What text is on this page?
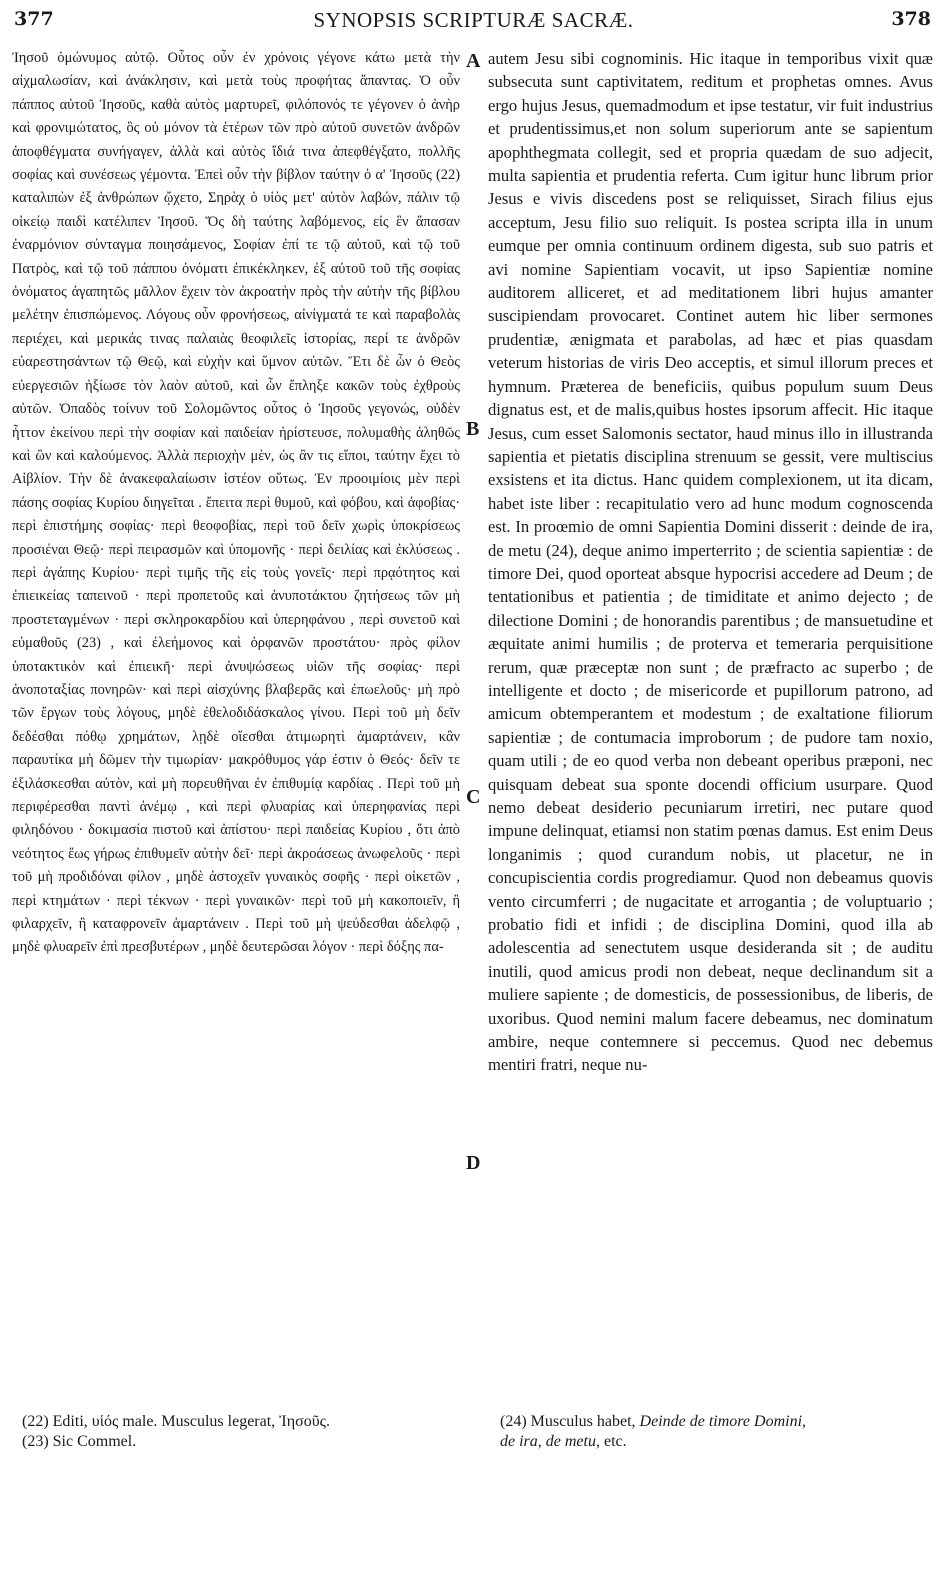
377	SYNOPSIS SCRIPTURÆ SACRÆ.	378

Ἰησοῦ ὁμώνυμος αὐτῷ. Οὗτος οὖν ἐν χρόνοις γέγονε κάτω μετὰ τὴν αἰχμαλωσίαν, καὶ ἀνάκλησιν, καὶ μετὰ τοὺς προφήτας ἅπαντας. Ὁ οὖν πάππος αὐτοῦ Ἰησοῦς, καθὰ αὐτὸς μαρτυρεῖ, φιλόπονός τε γέγονεν ὁ ἀνὴρ καὶ φρονιμώτατος, ὃς οὐ μόνον τὰ ἑτέρων τῶν πρὸ αὐτοῦ συνετῶν ἀνδρῶν ἀποφθέγματα συνήγαγεν, ἀλλὰ καὶ αὐτὸς ἴδιά τινα ἀπεφθέγξατο, πολλῆς σοφίας καὶ συνέσεως γέμοντα. Ἐπεὶ οὖν τὴν βίβλον ταύτην ὁ α' Ἰησοῦς (22) καταλιπὼν ἐξ ἀνθρώπων ᾤχετο, Σηρὰχ ὁ υἱὸς μετ' αὐτὸν λαβών, πάλιν τῷ οἰκείῳ παιδὶ κατέλιπεν Ἰησοῦ. Ὅς δὴ ταύτης λαβόμενος, εἰς ἓν ἅπασαν ἐναρμόνιον σύνταγμα ποιησάμενος, Σοφίαν ἐπί τε τῷ αὐτοῦ, καὶ τῷ τοῦ Πατρὸς, καὶ τῷ τοῦ πάππου ὀνόματι ἐπικέκληκεν, ἐξ αὐτοῦ τοῦ τῆς σοφίας ὀνόματος ἀγαπητῶς μᾶλλον ἔχειν τὸν ἀκροατὴν πρὸς τὴν αὐτὴν τῆς βίβλου μελέτην ἐπισπώμενος. Λόγους οὖν φρονήσεως, αἰνίγματά τε καὶ παραβολὰς περιέχει, καὶ μερικάς τινας παλαιὰς θεοφιλεῖς ἱστορίας, περί τε ἀνδρῶν εὐαρεστησάντων τῷ Θεῷ, καὶ εὐχὴν καὶ ὕμνον αὐτῶν. Ἔτι δὲ ὧν ὁ Θεὸς εὐεργεσιῶν ἠξίωσε τὸν λαὸν αὐτοῦ, καὶ ὧν ἔπληξε κακῶν τοὺς ἐχθροὺς αὐτῶν. Ὀπαδὸς τοίνυν τοῦ Σολομῶντος οὗτος ὁ Ἰησοῦς γεγονώς, οὐδὲν ἧττον ἐκείνου περὶ τὴν σοφίαν καὶ παιδείαν ἠρίστευσε, πολυμαθὴς ἀληθῶς καὶ ὢν καὶ καλούμενος. Ἀλλὰ περιοχὴν μὲν, ὡς ἂν τις εἴποι, ταύτην ἔχει τὸ Αἰβλίον. Τὴν δὲ ἀνακεφαλαίωσιν ἰστέον οὕτως. Ἐν προοιμίοις μὲν περὶ πάσης σοφίας Κυρίου διηγεῖται . ἔπειτα περὶ θυμοῦ, καὶ φόβου, καὶ ἀφοβίας· περὶ ἐπιστήμης σοφίας· περὶ θεοφοβίας, περὶ τοῦ δεῖν χωρὶς ὑποκρίσεως προσιέναι Θεῷ· περὶ πειρασμῶν καὶ ὑπομονῆς · περὶ δειλίας καὶ ἐκλύσεως . περὶ ἀγάπης Κυρίου· περὶ τιμῆς τῆς εἰς τοὺς γονεῖς· περὶ πρᾳότητος καὶ ἐπιεικείας ταπεινοῦ · περὶ προπετοῦς καὶ ἀνυποτάκτου ζητήσεως τῶν μὴ προστεταγμένων · περὶ σκληροκαρδίου καὶ ὑπερηφάνου , περὶ συνετοῦ καὶ εὐμαθοῦς (23) , καὶ ἐλεήμονος καὶ ὀρφανῶν προστάτου· πρὸς φίλον ὑποτακτικὸν καὶ ἐπιεικῆ· περὶ ἀνυψώσεως υἱῶν τῆς σοφίας· περὶ ἀνοποταξίας πονηρῶν· καὶ περὶ αἰσχύνης βλαβερᾶς καὶ ἐπωελοῦς· μὴ πρὸ τῶν ἔργων τοὺς λόγους, μηδὲ ἐθελοδιδάσκαλος γίνου. Περὶ τοῦ μὴ δεῖν δεδέσθαι πόθῳ χρημάτων, λῃδὲ οἴεσθαι ἀτιμωρητὶ ἁμαρτάνειν, κἂν παραυτίκα μὴ δῶμεν τὴν τιμωρίαν· μακρόθυμος γάρ ἐστιν ὁ Θεός· δεῖν τε ἐξιλάσκεσθαι αὐτὸν, καὶ μὴ πορευθῆναι ἐν ἐπιθυμίᾳ καρδίας . Περὶ τοῦ μὴ περιφέρεσθαι παντὶ ἀνέμῳ , καὶ περὶ φλυαρίας καὶ ὑπερηφανίας περὶ φιληδόνου · δοκιμασία πιστοῦ καὶ ἀπίστου· περὶ παιδείας Κυρίου , ὅτι ἀπὸ νεότητος ἕως γήρως ἐπιθυμεῖν αὐτὴν δεῖ· περὶ ἀκροάσεως ἀνωφελοῦς · περὶ τοῦ μὴ προδιδόναι φίλον , μηδὲ ἀστοχεῖν γυναικὸς σοφῆς · περὶ οἰκετῶν , περὶ κτημάτων · περὶ τέκνων · περὶ γυναικῶν· περὶ τοῦ μὴ κακοποιεῖν, ἢ φιλαρχεῖν, ἢ καταφρονεῖν ἁμαρτάνειν . Περὶ τοῦ μὴ ψεύδεσθαι ἀδελφῷ , μηδὲ φλυαρεῖν ἐπὶ πρεσβυτέρων , μηδὲ δευτερῶσαι λόγον · περὶ δόξης πα-

A
B
C
D

autem Jesu sibi cognominis. Hic itaque in temporibus vixit quæ subsecuta sunt captivitatem, reditum et prophetas omnes. Avus ergo hujus Jesus, quemadmodum et ipse testatur, vir fuit industrius et prudentissimus,et non solum superiorum ante se sapientum apophthegmata collegit, sed et propria quædam de suo adjecit, multa sapientia et prudentia referta. Cum igitur hunc librum prior Jesus e vivis discedens post se reliquisset, Sirach filius ejus acceptum, Jesu filio suo reliquit. Is postea scripta illa in unum eumque per omnia continuum ordinem digesta, sub suo patris et avi nomine Sapientiam vocavit, ut ipso Sapientiæ nomine auditorem alliceret, et ad meditationem libri hujus amanter suscipiendam provocaret. Continet autem hic liber sermones prudentiæ, ænigmata et parabolas, ad hæc et pias quasdam veterum historias de viris Deo acceptis, et simul illorum preces et hymnum. Præterea de beneficiis, quibus populum suum Deus dignatus est, et de malis,quibus hostes ipsorum affecit. Hic itaque Jesus, cum esset Salomonis sectator, haud minus illo in illustranda sapientia et pietatis disciplina strenuum se gessit, vere multiscius exsistens et ita dictus. Hanc quidem complexionem, ut ita dicam, habet iste liber : recapitulatio vero ad hunc modum cognoscenda est. In proœmio de omni Sapientia Domini disserit : deinde de ira, de metu (24), deque animo imperterrito ; de scientia sapientiæ : de timore Dei, quod oporteat absque hypocrisi accedere ad Deum ; de tentationibus et patientia ; de timiditate et animo dejecto ; de dilectione Domini ; de honorandis parentibus ; de mansuetudine et æquitate animi humilis ; de proterva et temeraria perquisitione rerum, quæ præceptæ non sunt ; de præfracto ac superbo ; de intelligente et docto ; de misericorde et pupillorum patrono, ad amicum obtemperantem et modestum ; de exaltatione filiorum sapientiæ ; de contumacia improborum ; de pudore tam noxio, quam utili ; de eo quod verba non debeant operibus præponi, nec quisquam debeat sua sponte docendi officium usurpare. Quod nemo debeat desiderio pecuniarum irretiri, nec putare quod impune delinquat, etiamsi non statim pœnas damus. Est enim Deus longanimis ; quod curandum nobis, ut placetur, ne in concupiscientia cordis progrediamur. Quod non debeamus quovis vento circumferri ; de nugacitate et arrogantia ; de voluptuario ; probatio fidi et infidi ; de disciplina Domini, quod illa ab adolescentia ad senectutem usque desideranda sit ; de auditu inutili, quod amicus prodi non debeat, neque declinandum sit a muliere sapiente ; de domesticis, de possessionibus, de liberis, de uxoribus. Quod nemini malum facere debeamus, nec dominatum ambire, neque contemnere si peccemus. Quod nec debemus mentiri fratri, neque nu-

(22) Editi, υἱός male. Musculus legerat, Ἰησοῦς.
(23) Sic Commel.
(24) Musculus habet, Deinde de timore Domini,
de ira, de metu, etc.
